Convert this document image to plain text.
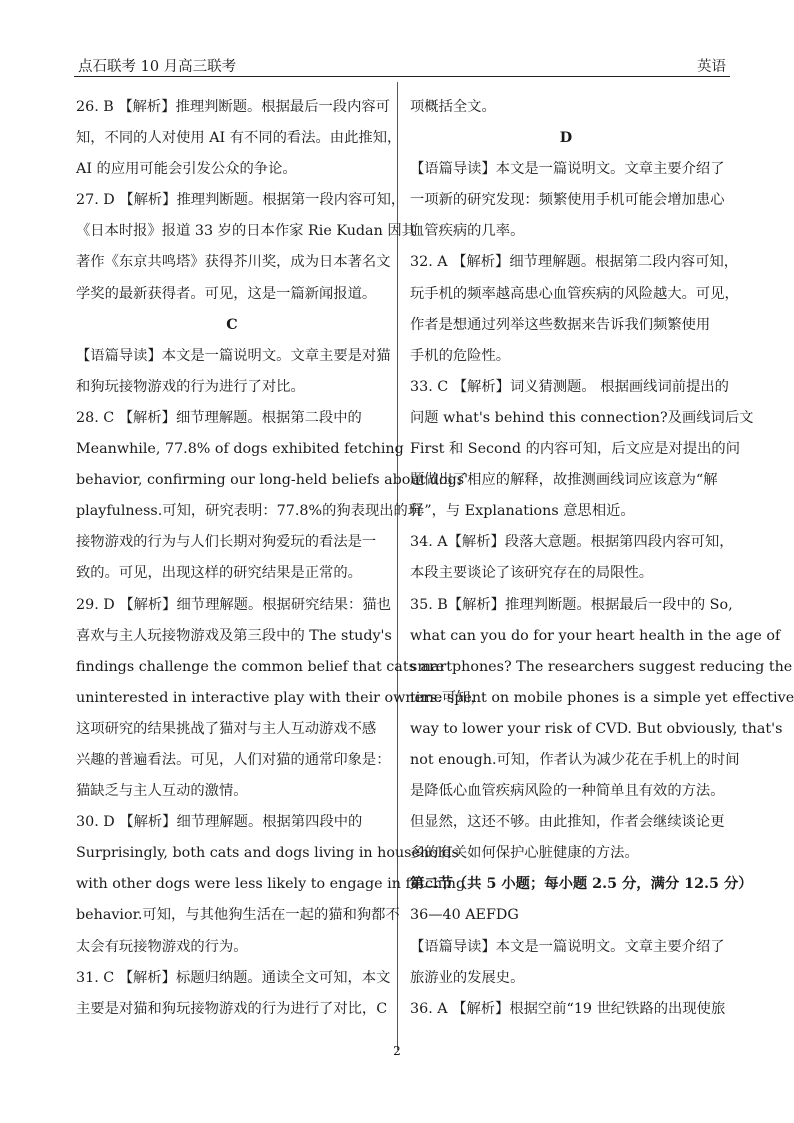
点石联考 10 月高三联考	英语
26. B 【解析】推理判断题。根据最后一段内容可
知，不同的人对使用 AI 有不同的看法。由此推知，
AI 的应用可能会引发公众的争论。
27. D 【解析】推理判断题。根据第一段内容可知，
《日本时报》报道 33 岁的日本作家 Rie Kudan 因其
著作《东京共鸣塔》获得芥川奖，成为日本著名文
学奖的最新获得者。可见，这是一篇新闻报道。
C
【语篇导读】本文是一篇说明文。文章主要是对猫
和狗玩接物游戏的行为进行了对比。
28. C 【解析】细节理解题。根据第二段中的
Meanwhile, 77.8% of dogs exhibited fetching
behavior, confirming our long-held beliefs about dogs'
playfulness.可知，研究表明：77.8%的狗表现出的玩
接物游戏的行为与人们长期对狗爱玩的看法是一
致的。可见，出现这样的研究结果是正常的。
29. D 【解析】细节理解题。根据研究结果：猫也
喜欢与主人玩接物游戏及第三段中的 The study's
findings challenge the common belief that cats are
uninterested in interactive play with their owners.可知，
这项研究的结果挑战了猫对与主人互动游戏不感
兴趣的普遍看法。可见，人们对猫的通常印象是：
猫缺乏与主人互动的激情。
30. D 【解析】细节理解题。根据第四段中的
Surprisingly, both cats and dogs living in households
with other dogs were less likely to engage in fetching
behavior.可知，与其他狗生活在一起的猫和狗都不
太会有玩接物游戏的行为。
31. C 【解析】标题归纳题。通读全文可知，本文
主要是对猫和狗玩接物游戏的行为进行了对比，C
项概括全文。
D
【语篇导读】本文是一篇说明文。文章主要介绍了
一项新的研究发现：频繁使用手机可能会增加患心
血管疾病的几率。
32. A 【解析】细节理解题。根据第二段内容可知，
玩手机的频率越高患心血管疾病的风险越大。可见，
作者是想通过列举这些数据来告诉我们频繁使用
手机的危险性。
33. C 【解析】词义猜测题。 根据画线词前提出的
问题 what's behind this connection?及画线词后文
First 和 Second 的内容可知，后文应是对提出的问
题做出了相应的解释，故推测画线词应该意为“解
释”，与 Explanations 意思相近。
34. A【解析】段落大意题。根据第四段内容可知，
本段主要谈论了该研究存在的局限性。
35. B【解析】推理判断题。根据最后一段中的 So,
what can you do for your heart health in the age of
smartphones? The researchers suggest reducing the
time spent on mobile phones is a simple yet effective
way to lower your risk of CVD. But obviously, that's
not enough.可知，作者认为减少花在手机上的时间
是降低心血管疾病风险的一种简单且有效的方法。
但显然，这还不够。由此推知，作者会继续谈论更
多的有关如何保护心脏健康的方法。
第二节（共 5 小题；每小题 2.5 分，满分 12.5 分）
36—40 AEFDG
【语篇导读】本文是一篇说明文。文章主要介绍了
旅游业的发展史。
36. A 【解析】根据空前“19 世纪铁路的出现使旅
2
